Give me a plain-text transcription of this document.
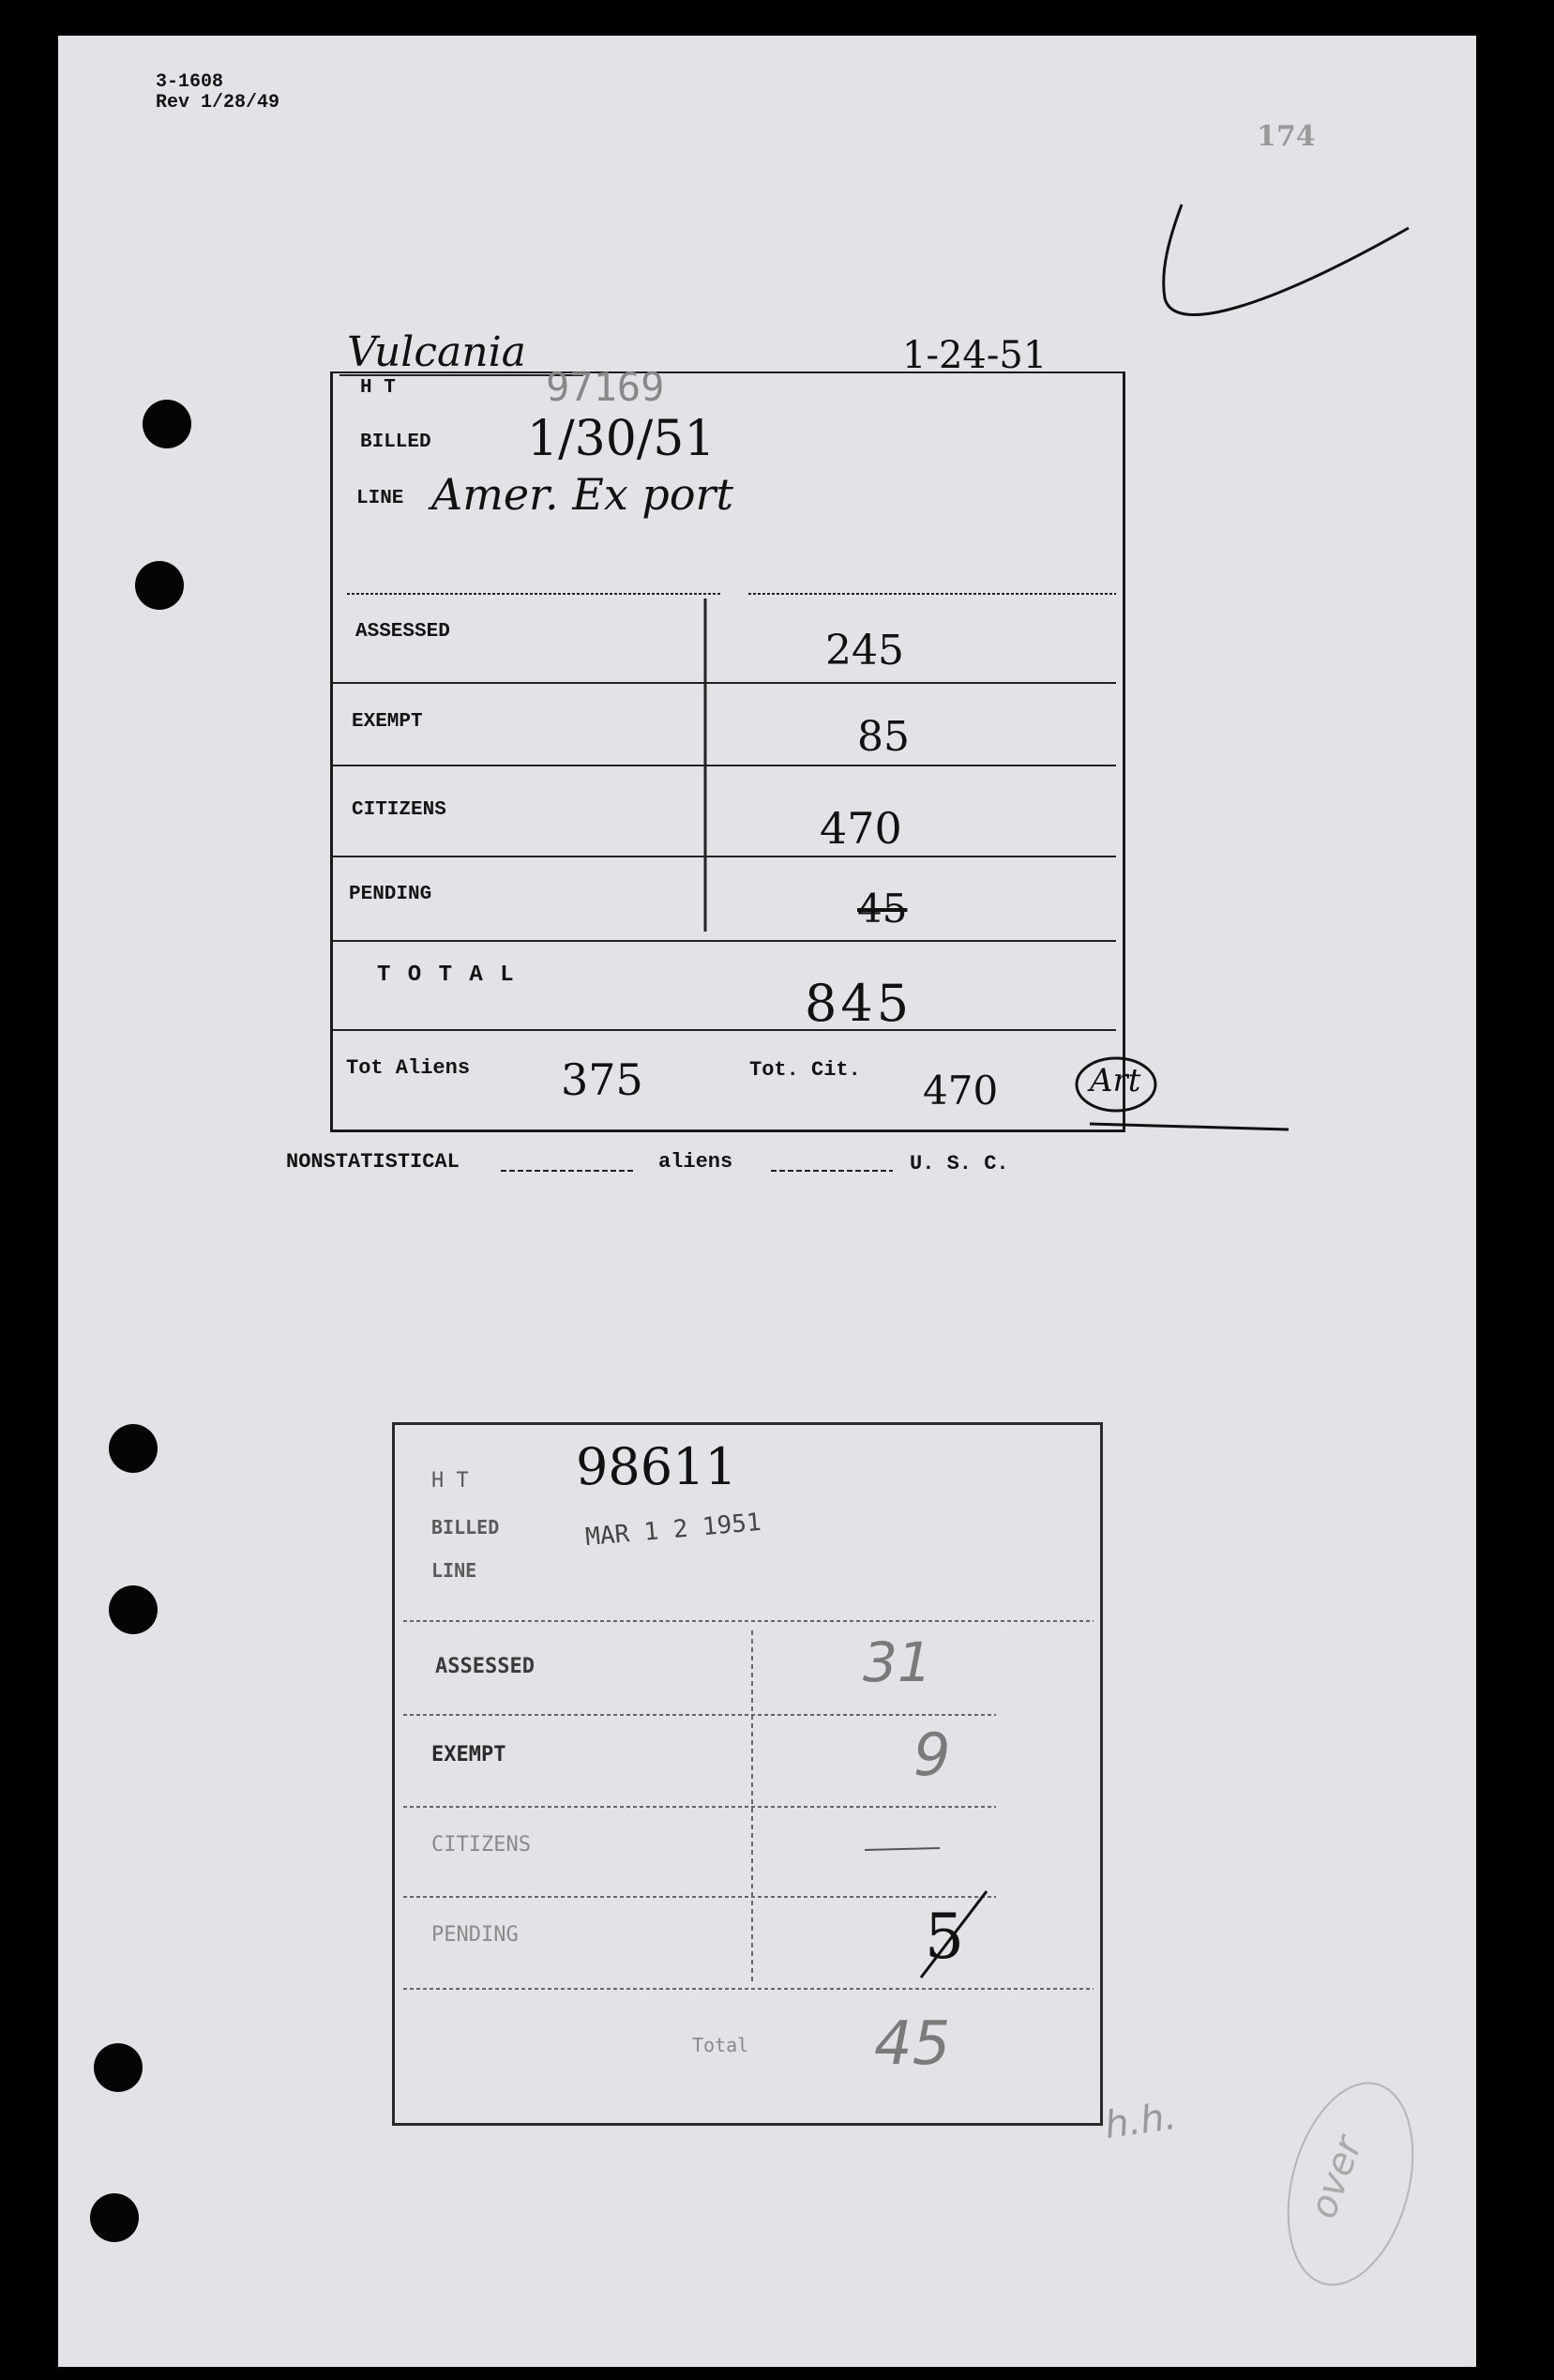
3-1608
Rev 1/28/49
174
Vulcania	1-24-51
H T	97169
BILLED 1/30/51
LINE Amer. Ex port
ASSESSED	245
EXEMPT	85
CITIZENS	470
PENDING	45
T O T A L	845
Tot Aliens 375	Tot. Cit. 470	Art
NONSTATISTICAL	aliens	U. S. C.
H T 98611
BILLED	MAR 1 2 1951
LINE
ASSESSED	31
EXEMPT	9
CITIZENS
PENDING	5
Total 45
h.h.
over
